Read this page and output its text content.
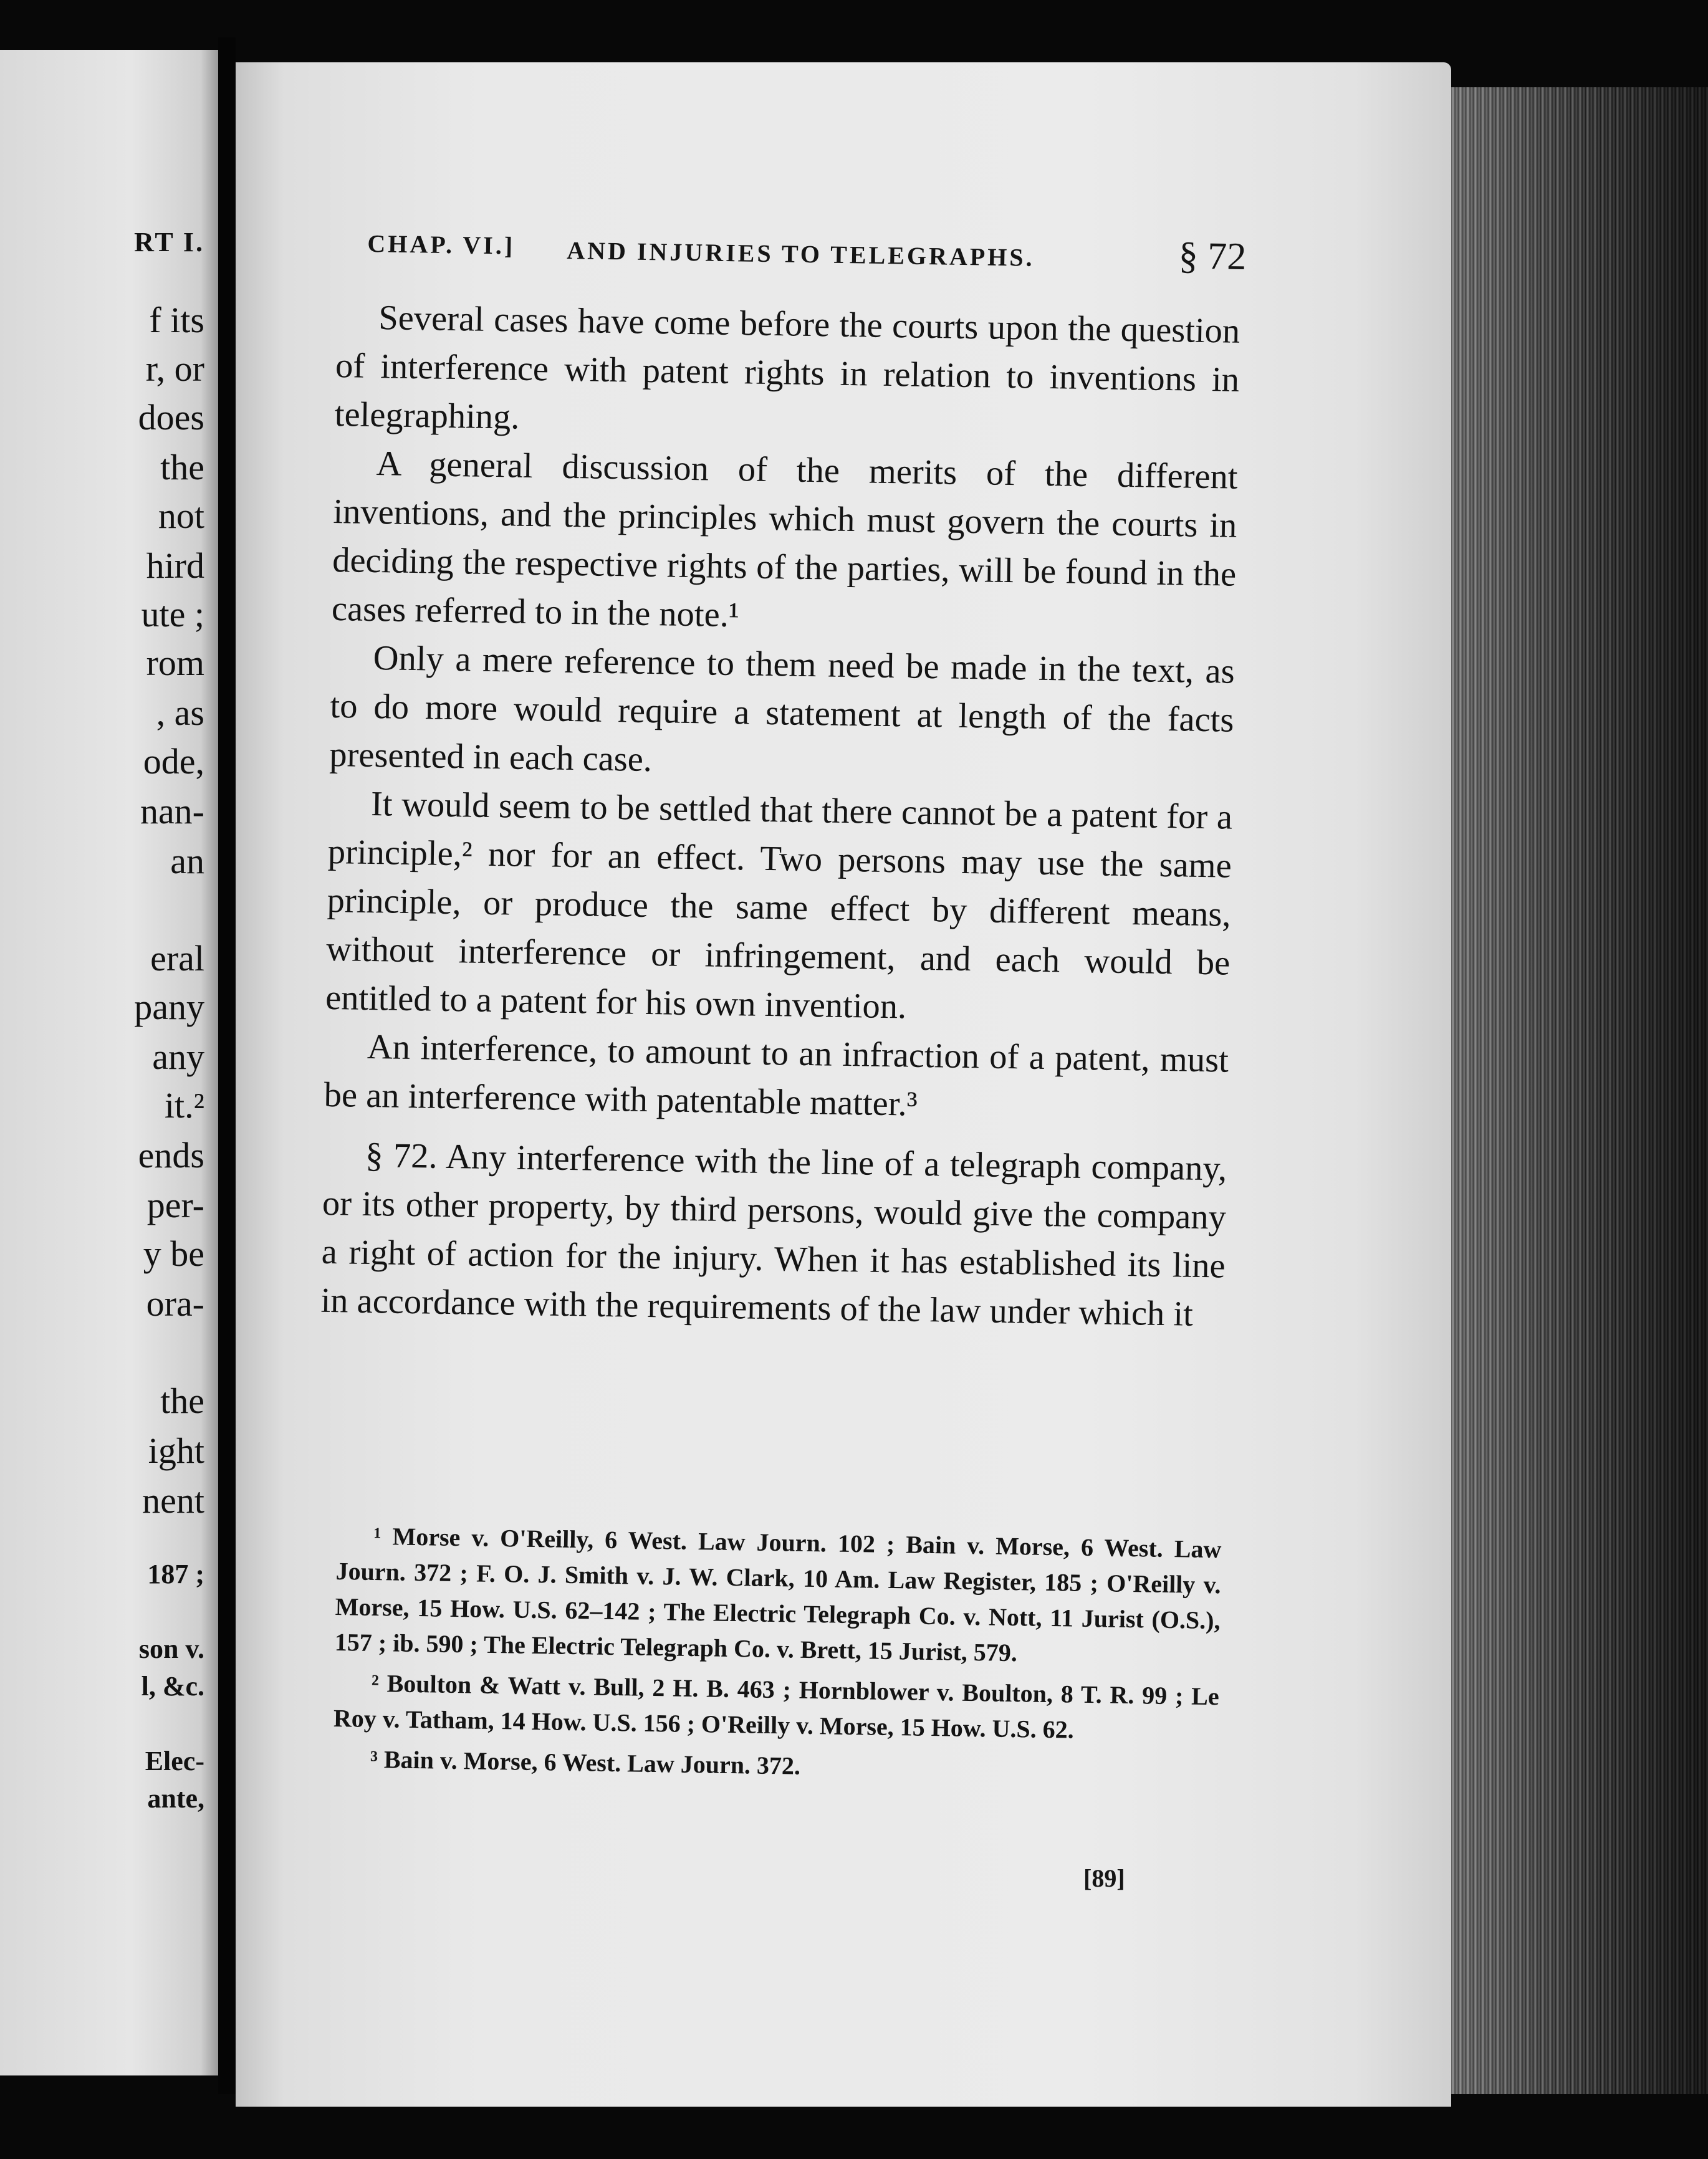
RT I.
f its
r, or
does
the
not
hird
ute ;
rom
, as
ode,
nan-
an
eral
pany
any
it.²
ends
per-
y be
ora-
the
ight
nent
187 ;
son v.
l, &c.
Elec-
ante,
CHAP. VI.] AND INJURIES TO TELEGRAPHS.	§ 72

Several cases have come before the courts upon the question of interference with patent rights in relation to inventions in telegraphing.

A general discussion of the merits of the different inventions, and the principles which must govern the courts in deciding the respective rights of the parties, will be found in the cases referred to in the note.¹

Only a mere reference to them need be made in the text, as to do more would require a statement at length of the facts presented in each case.

It would seem to be settled that there cannot be a patent for a principle,² nor for an effect. Two persons may use the same principle, or produce the same effect by different means, without interference or infringement, and each would be entitled to a patent for his own invention.

An interference, to amount to an infraction of a patent, must be an interference with patentable matter.³

§ 72. Any interference with the line of a telegraph company, or its other property, by third persons, would give the company a right of action for the injury. When it has established its line in accordance with the requirements of the law under which it

¹ Morse v. O'Reilly, 6 West. Law Journ. 102 ; Bain v. Morse, 6 West. Law Journ. 372 ; F. O. J. Smith v. J. W. Clark, 10 Am. Law Register, 185 ; O'Reilly v. Morse, 15 How. U.S. 62–142 ; The Electric Telegraph Co. v. Nott, 11 Jurist (O.S.), 157 ; ib. 590 ; The Electric Telegraph Co. v. Brett, 15 Jurist, 579.

² Boulton & Watt v. Bull, 2 H. B. 463 ; Hornblower v. Boulton, 8 T. R. 99 ; Le Roy v. Tatham, 14 How. U.S. 156 ; O'Reilly v. Morse, 15 How. U.S. 62.

³ Bain v. Morse, 6 West. Law Journ. 372.

[89]
